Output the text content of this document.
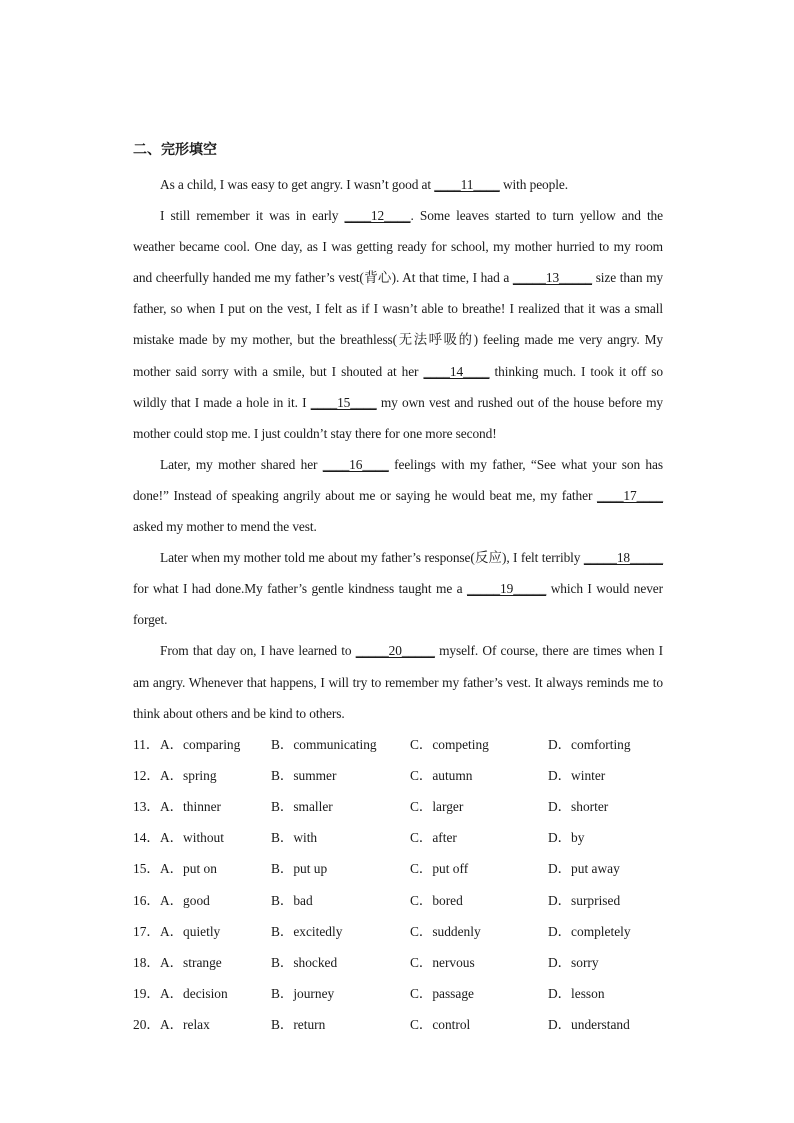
二、完形填空

As a child, I was easy to get angry. I wasn’t good at ____11____ with people.

I still remember it was in early ____12____. Some leaves started to turn yellow and the weather became cool. One day, as I was getting ready for school, my mother hurried to my room and cheerfully handed me my father’s vest(背心). At that time, I had a _____13_____ size than my father, so when I put on the vest, I felt as if I wasn’t able to breathe! I realized that it was a small mistake made by my mother, but the breathless(无法呼吸的) feeling made me very angry. My mother said sorry with a smile, but I shouted at her ____14____ thinking much. I took it off so wildly that I made a hole in it. I ____15____ my own vest and rushed out of the house before my mother could stop me. I just couldn’t stay there for one more second!

Later, my mother shared her ____16____ feelings with my father, “See what your son has done!” Instead of speaking angrily about me or saying he would beat me, my father ____17____ asked my mother to mend the vest.

Later when my mother told me about my father’s response(反应), I felt terribly _____18_____ for what I had done.My father’s gentle kindness taught me a _____19_____ which I would never forget.

From that day on, I have learned to _____20_____ myself. Of course, there are times when I am angry. Whenever that happens, I will try to remember my father’s vest. It always reminds me to think about others and be kind to others.

11． A．comparing B．communicating C．competing	D．comforting
12． A．spring	B．summer	C．autumn	D．winter
13． A．thinner	B．smaller	C．larger	D．shorter
14． A．without	B．with	C．after	D．by
15． A．put on	B．put up	C．put off	D．put away
16． A．good	B．bad	C．bored	D．surprised
17． A．quietly	B．excitedly	C．suddenly	D．completely
18． A．strange	B．shocked	C．nervous	D．sorry
19． A．decision	B．journey	C．passage	D．lesson
20． A．relax	B．return	C．control	D．understand
